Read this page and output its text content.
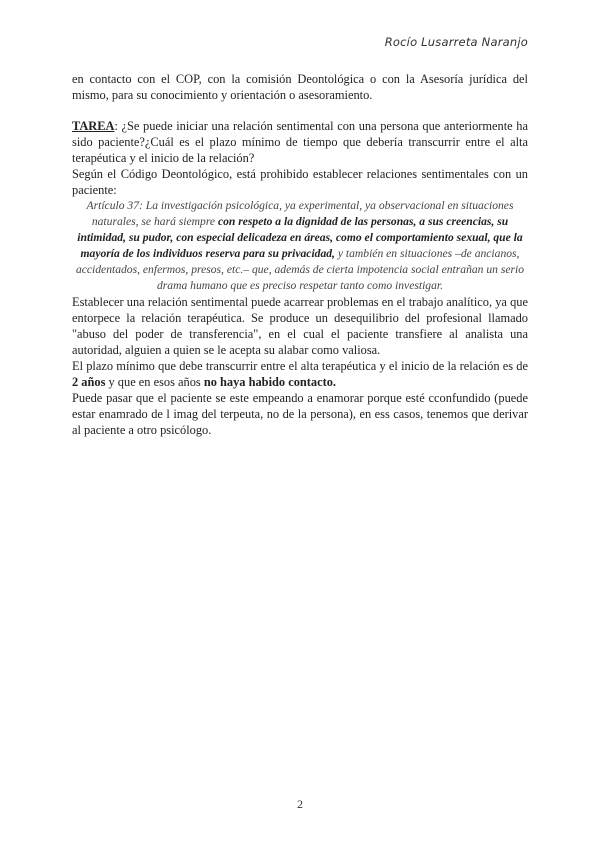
Rocío Lusarreta Naranjo

en contacto con el COP, con la comisión Deontológica o con la Asesoría jurídica del mismo, para su conocimiento y orientación o asesoramiento.

TAREA: ¿Se puede iniciar una relación sentimental con una persona que anteriormente ha sido paciente?¿Cuál es el plazo mínimo de tiempo que debería transcurrir entre el alta terapéutica y el inicio de la relación?

Según el Código Deontológico, está prohibido establecer relaciones sentimentales con un paciente:

Artículo 37: La investigación psicológica, ya experimental, ya observacional en situaciones naturales, se hará siempre con respeto a la dignidad de las personas, a sus creencias, su intimidad, su pudor, con especial delicadeza en áreas, como el comportamiento sexual, que la mayoría de los individuos reserva para su privacidad, y también en situaciones –de ancianos, accidentados, enfermos, presos, etc.– que, además de cierta impotencia social entrañan un serio drama humano que es preciso respetar tanto como investigar.

Establecer una relación sentimental puede acarrear problemas en el trabajo analítico, ya que entorpece la relación terapéutica. Se produce un desequilibrio del profesional llamado "abuso del poder de transferencia", en el cual el paciente transfiere al analista una autoridad, alguien a quien se le acepta su alabar como valiosa.

El plazo mínimo que debe transcurrir entre el alta terapéutica y el inicio de la relación es de 2 años y que en esos años no haya habido contacto.

Puede pasar que el paciente se este empeando a enamorar porque esté cconfundido (puede estar enamrado de l imag del terpeuta, no de la persona), en ess casos, tenemos que derivar al paciente a otro psicólogo.

2
